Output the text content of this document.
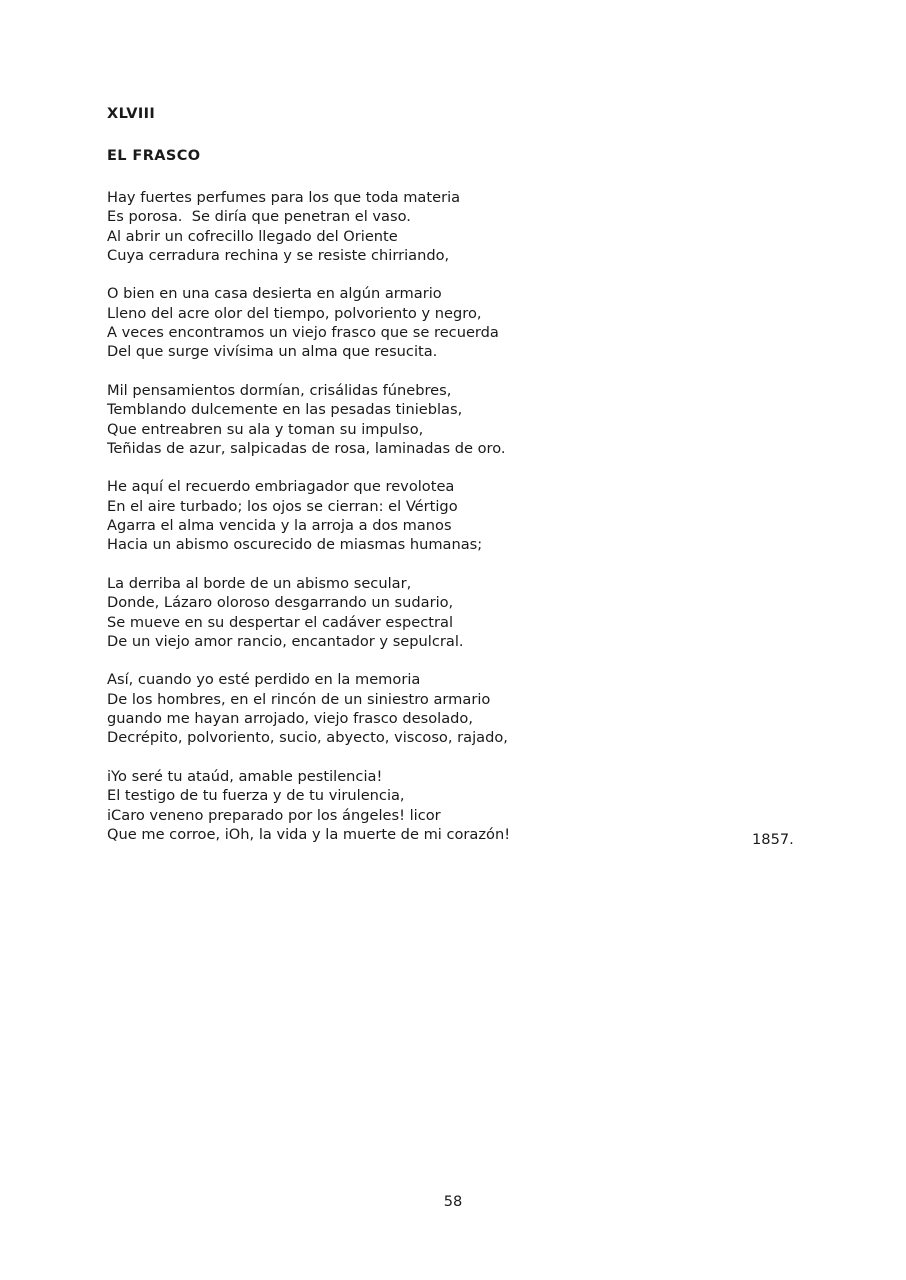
XLVIII
EL FRASCO
Hay fuertes perfumes para los que toda materia
Es porosa.  Se diría que penetran el vaso.
Al abrir un cofrecillo llegado del Oriente
Cuya cerradura rechina y se resiste chirriando,
O bien en una casa desierta en algún armario
Lleno del acre olor del tiempo, polvoriento y negro,
A veces encontramos un viejo frasco que se recuerda
Del que surge vivísima un alma que resucita.
Mil pensamientos dormían, crisálidas fúnebres,
Temblando dulcemente en las pesadas tinieblas,
Que entreabren su ala y toman su impulso,
Teñidas de azur, salpicadas de rosa, laminadas de oro.
He aquí el recuerdo embriagador que revolotea
En el aire turbado; los ojos se cierran: el Vértigo
Agarra el alma vencida y la arroja a dos manos
Hacia un abismo oscurecido de miasmas humanas;
La derriba al borde de un abismo secular,
Donde, Lázaro oloroso desgarrando un sudario,
Se mueve en su despertar el cadáver espectral
De un viejo amor rancio, encantador y sepulcral.
Así, cuando yo esté perdido en la memoria
De los hombres, en el rincón de un siniestro armario
guando me hayan arrojado, viejo frasco desolado,
Decrépito, polvoriento, sucio, abyecto, viscoso, rajado,
iYo seré tu ataúd, amable pestilencia!
El testigo de tu fuerza y de tu virulencia,
iCaro veneno preparado por los ángeles! licor
Que me corroe, iOh, la vida y la muerte de mi corazón!	1857.
58
